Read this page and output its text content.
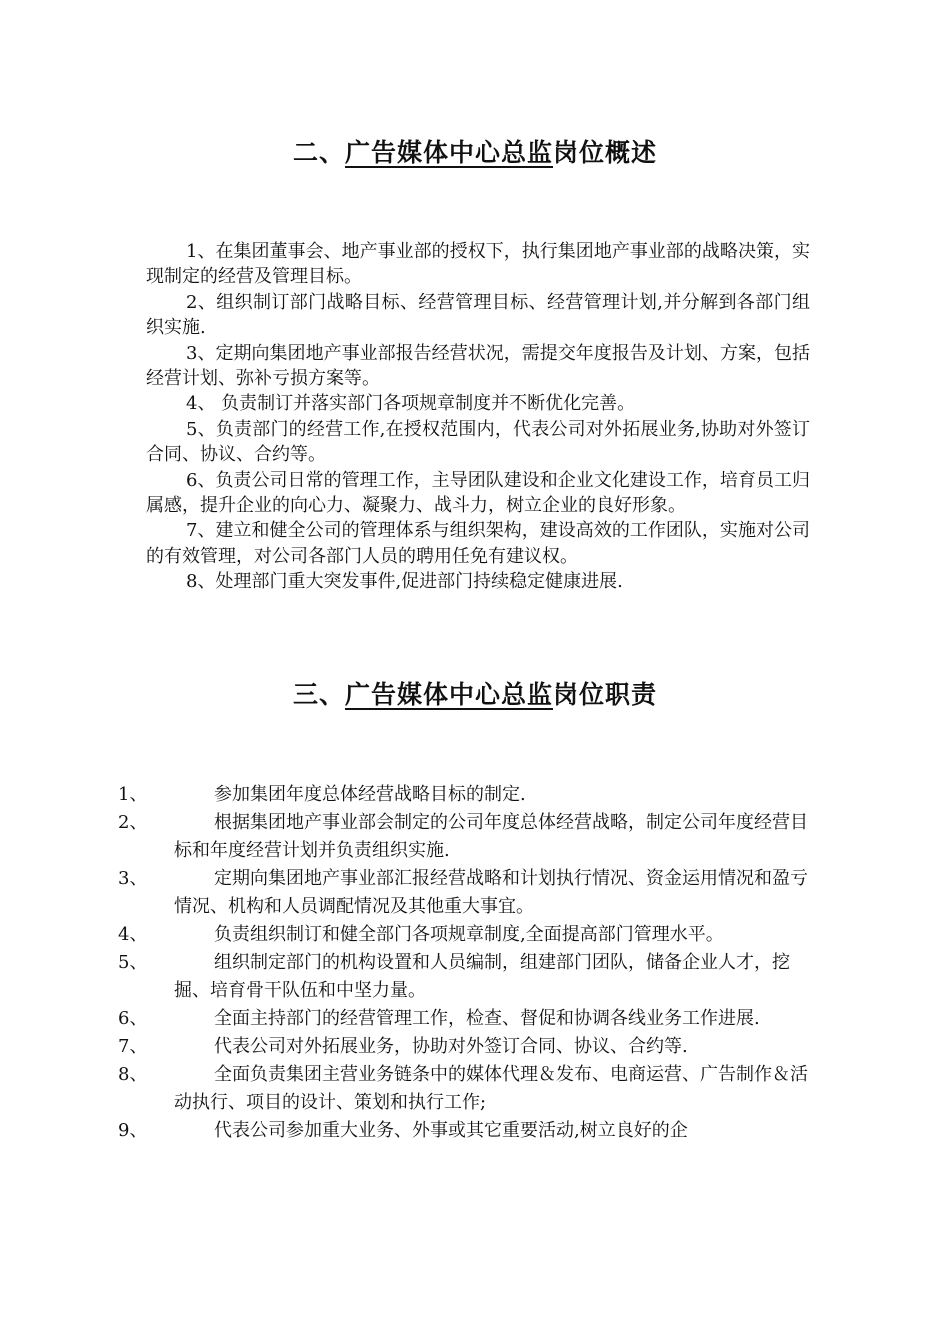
二、广告媒体中心总监岗位概述

1、在集团董事会、地产事业部的授权下，执行集团地产事业部的战略决策，实现制定的经营及管理目标。

2、组织制订部门战略目标、经营管理目标、经营管理计划,并分解到各部门组织实施.

3、定期向集团地产事业部报告经营状况，需提交年度报告及计划、方案，包括经营计划、弥补亏损方案等。

4、 负责制订并落实部门各项规章制度并不断优化完善。

5、负责部门的经营工作,在授权范围内，代表公司对外拓展业务,协助对外签订合同、协议、合约等。

6、负责公司日常的管理工作，主导团队建设和企业文化建设工作，培育员工归属感，提升企业的向心力、凝聚力、战斗力，树立企业的良好形象。

7、建立和健全公司的管理体系与组织架构，建设高效的工作团队，实施对公司的有效管理，对公司各部门人员的聘用任免有建议权。

8、处理部门重大突发事件,促进部门持续稳定健康进展.

三、广告媒体中心总监岗位职责
1、	参加集团年度总体经营战略目标的制定.
2、	根据集团地产事业部会制定的公司年度总体经营战略，制定公司年度经营目标和年度经营计划并负责组织实施.
3、	定期向集团地产事业部汇报经营战略和计划执行情况、资金运用情况和盈亏情况、机构和人员调配情况及其他重大事宜。
4、	负责组织制订和健全部门各项规章制度,全面提高部门管理水平。
5、	组织制定部门的机构设置和人员编制，组建部门团队，储备企业人才，挖掘、培育骨干队伍和中坚力量。
6、	全面主持部门的经营管理工作，检查、督促和协调各线业务工作进展.
7、	代表公司对外拓展业务，协助对外签订合同、协议、合约等.
8、	全面负责集团主营业务链条中的媒体代理＆发布、电商运营、广告制作＆活动执行、项目的设计、策划和执行工作;
9、	代表公司参加重大业务、外事或其它重要活动,树立良好的企
